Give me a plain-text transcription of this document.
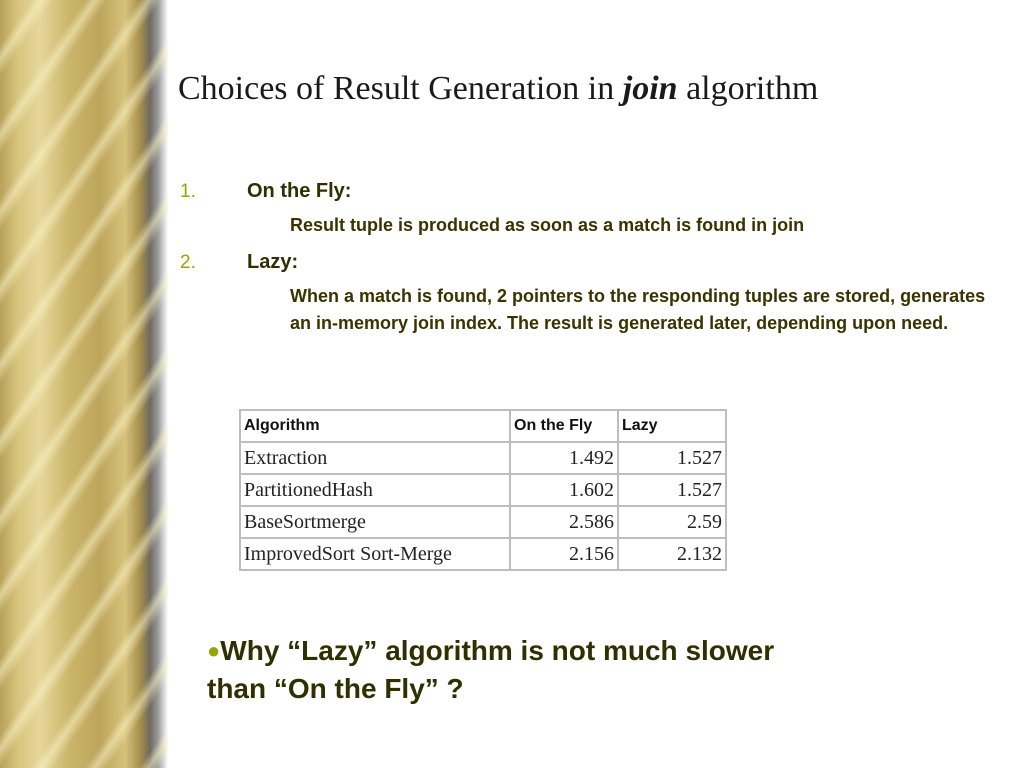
Choices of Result Generation in join algorithm
1.	On the Fly:
Result tuple is produced as soon as a match is found in join
2.	Lazy:
When a match is found, 2 pointers to the responding tuples are stored, generates an in-memory join index. The result is generated later, depending upon need.
Algorithm	On the Fly	Lazy
Extraction	1.492	1.527
PartitionedHash	1.602	1.527
BaseSortmerge	2.586	2.59
ImprovedSort Sort-Merge	2.156	2.132
●Why “Lazy” algorithm is not much slower than “On the Fly” ?
